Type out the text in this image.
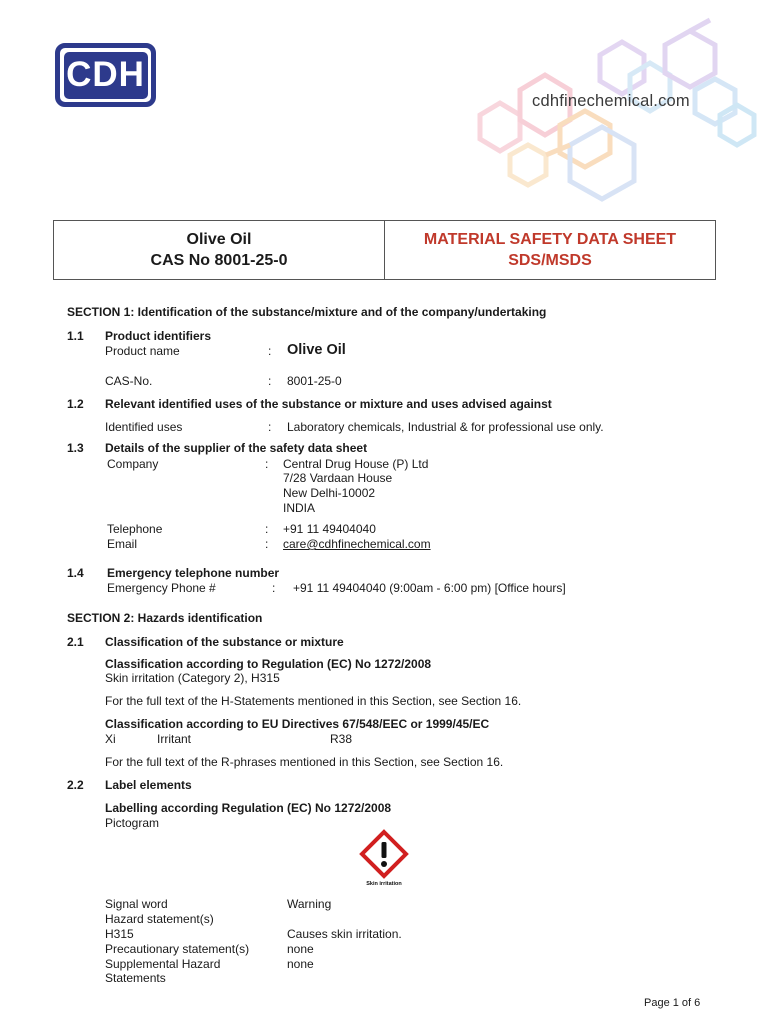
CDH
cdhfinechemical.com
Olive Oil
CAS No 8001-25-0
MATERIAL SAFETY DATA SHEET
SDS/MSDS
SECTION 1: Identification of the substance/mixture and of the company/undertaking
1.1 Product identifiers
Product name	: Olive Oil
CAS-No.	: 8001-25-0
1.2 Relevant identified uses of the substance or mixture and uses advised against
Identified uses	: Laboratory chemicals, Industrial & for professional use only.
1.3 Details of the supplier of the safety data sheet
Company	: Central Drug House (P) Ltd
7/28 Vardaan House
New Delhi-10002
INDIA
Telephone	: +91 11 49404040
Email	: care@cdhfinechemical.com
1.4 Emergency telephone number
Emergency Phone #	: +91 11 49404040 (9:00am - 6:00 pm) [Office hours]
SECTION 2: Hazards identification
2.1 Classification of the substance or mixture
Classification according to Regulation (EC) No 1272/2008
Skin irritation (Category 2), H315
For the full text of the H-Statements mentioned in this Section, see Section 16.
Classification according to EU Directives 67/548/EEC or 1999/45/EC
Xi	Irritant	R38
For the full text of the R-phrases mentioned in this Section, see Section 16.
2.2 Label elements
Labelling according Regulation (EC) No 1272/2008
Pictogram
Skin irritation
Signal word	Warning
Hazard statement(s)
H315	Causes skin irritation.
Precautionary statement(s)	none
Supplemental Hazard	none
Statements
Page 1 of 6
